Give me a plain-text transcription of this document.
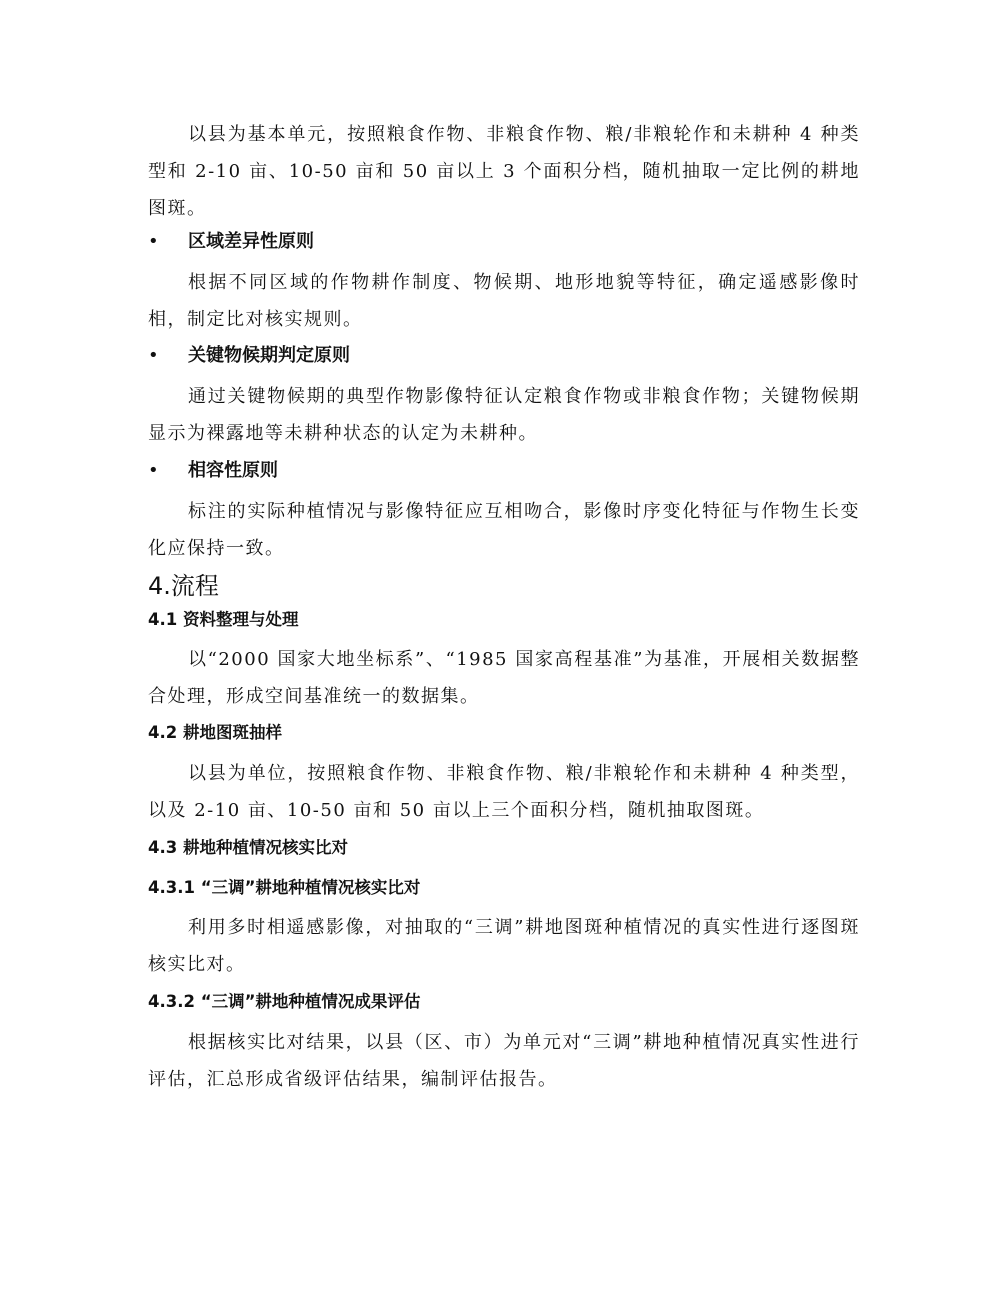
以县为基本单元，按照粮食作物、非粮食作物、粮/非粮轮作和未耕种 4 种类型和 2-10 亩、10-50 亩和 50 亩以上 3 个面积分档，随机抽取一定比例的耕地图斑。

• 区域差异性原则

根据不同区域的作物耕作制度、物候期、地形地貌等特征，确定遥感影像时相，制定比对核实规则。

• 关键物候期判定原则

通过关键物候期的典型作物影像特征认定粮食作物或非粮食作物；关键物候期显示为裸露地等未耕种状态的认定为未耕种。

• 相容性原则

标注的实际种植情况与影像特征应互相吻合，影像时序变化特征与作物生长变化应保持一致。

4.流程
4.1 资料整理与处理

以“2000 国家大地坐标系”、“1985 国家高程基准”为基准，开展相关数据整合处理，形成空间基准统一的数据集。

4.2 耕地图斑抽样

以县为单位，按照粮食作物、非粮食作物、粮/非粮轮作和未耕种 4 种类型，以及 2-10 亩、10-50 亩和 50 亩以上三个面积分档，随机抽取图斑。

4.3 耕地种植情况核实比对
4.3.1 “三调”耕地种植情况核实比对

利用多时相遥感影像，对抽取的“三调”耕地图斑种植情况的真实性进行逐图斑核实比对。

4.3.2 “三调”耕地种植情况成果评估

根据核实比对结果，以县（区、市）为单元对“三调”耕地种植情况真实性进行评估，汇总形成省级评估结果，编制评估报告。
